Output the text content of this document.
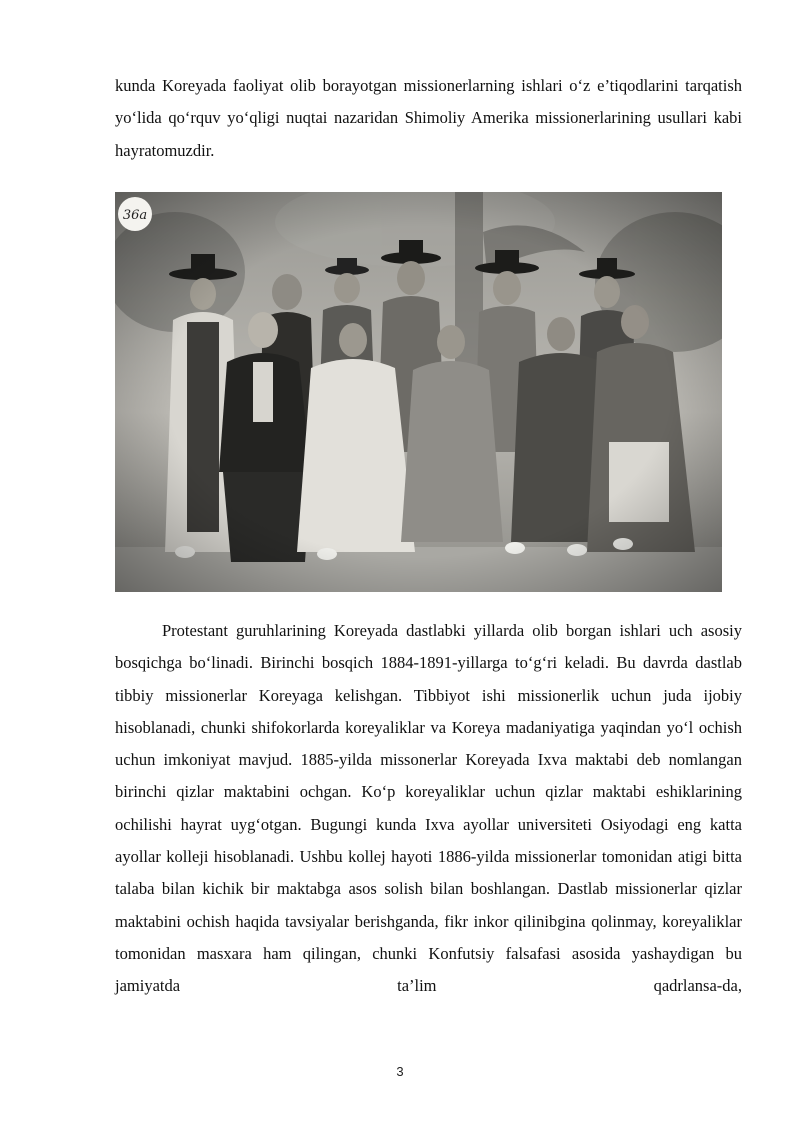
kunda Koreyada faoliyat olib borayotgan missionerlarning ishlari o‘z e’tiqodlarini tarqatish yo‘lida qo‘rquv yo‘qligi nuqtai nazaridan Shimoliy Amerika missionerlarining usullari kabi hayratomuzdir.

36a

Protestant guruhlarining Koreyada dastlabki yillarda olib borgan ishlari uch asosiy bosqichga bo‘linadi. Birinchi bosqich 1884-1891-yillarga to‘g‘ri keladi. Bu davrda dastlab tibbiy missionerlar Koreyaga kelishgan. Tibbiyot ishi missionerlik uchun juda ijobiy hisoblanadi, chunki shifokorlarda koreyaliklar va Koreya madaniyatiga yaqindan yo‘l ochish uchun imkoniyat mavjud. 1885-yilda missonerlar Koreyada Ixva maktabi deb nomlangan birinchi qizlar maktabini ochgan. Ko‘p koreyaliklar uchun qizlar maktabi eshiklarining ochilishi hayrat uyg‘otgan. Bugungi kunda Ixva ayollar universiteti Osiyodagi eng katta ayollar kolleji hisoblanadi. Ushbu kollej hayoti 1886-yilda missionerlar tomonidan atigi bitta talaba bilan kichik bir maktabga asos solish bilan boshlangan. Dastlab missionerlar qizlar maktabini ochish haqida tavsiyalar berishganda, fikr inkor qilinibgina qolinmay, koreyaliklar tomonidan masxara ham qilingan, chunki Konfutsiy falsafasi asosida yashaydigan bu jamiyatda ta’lim qadrlansa-da,

3
